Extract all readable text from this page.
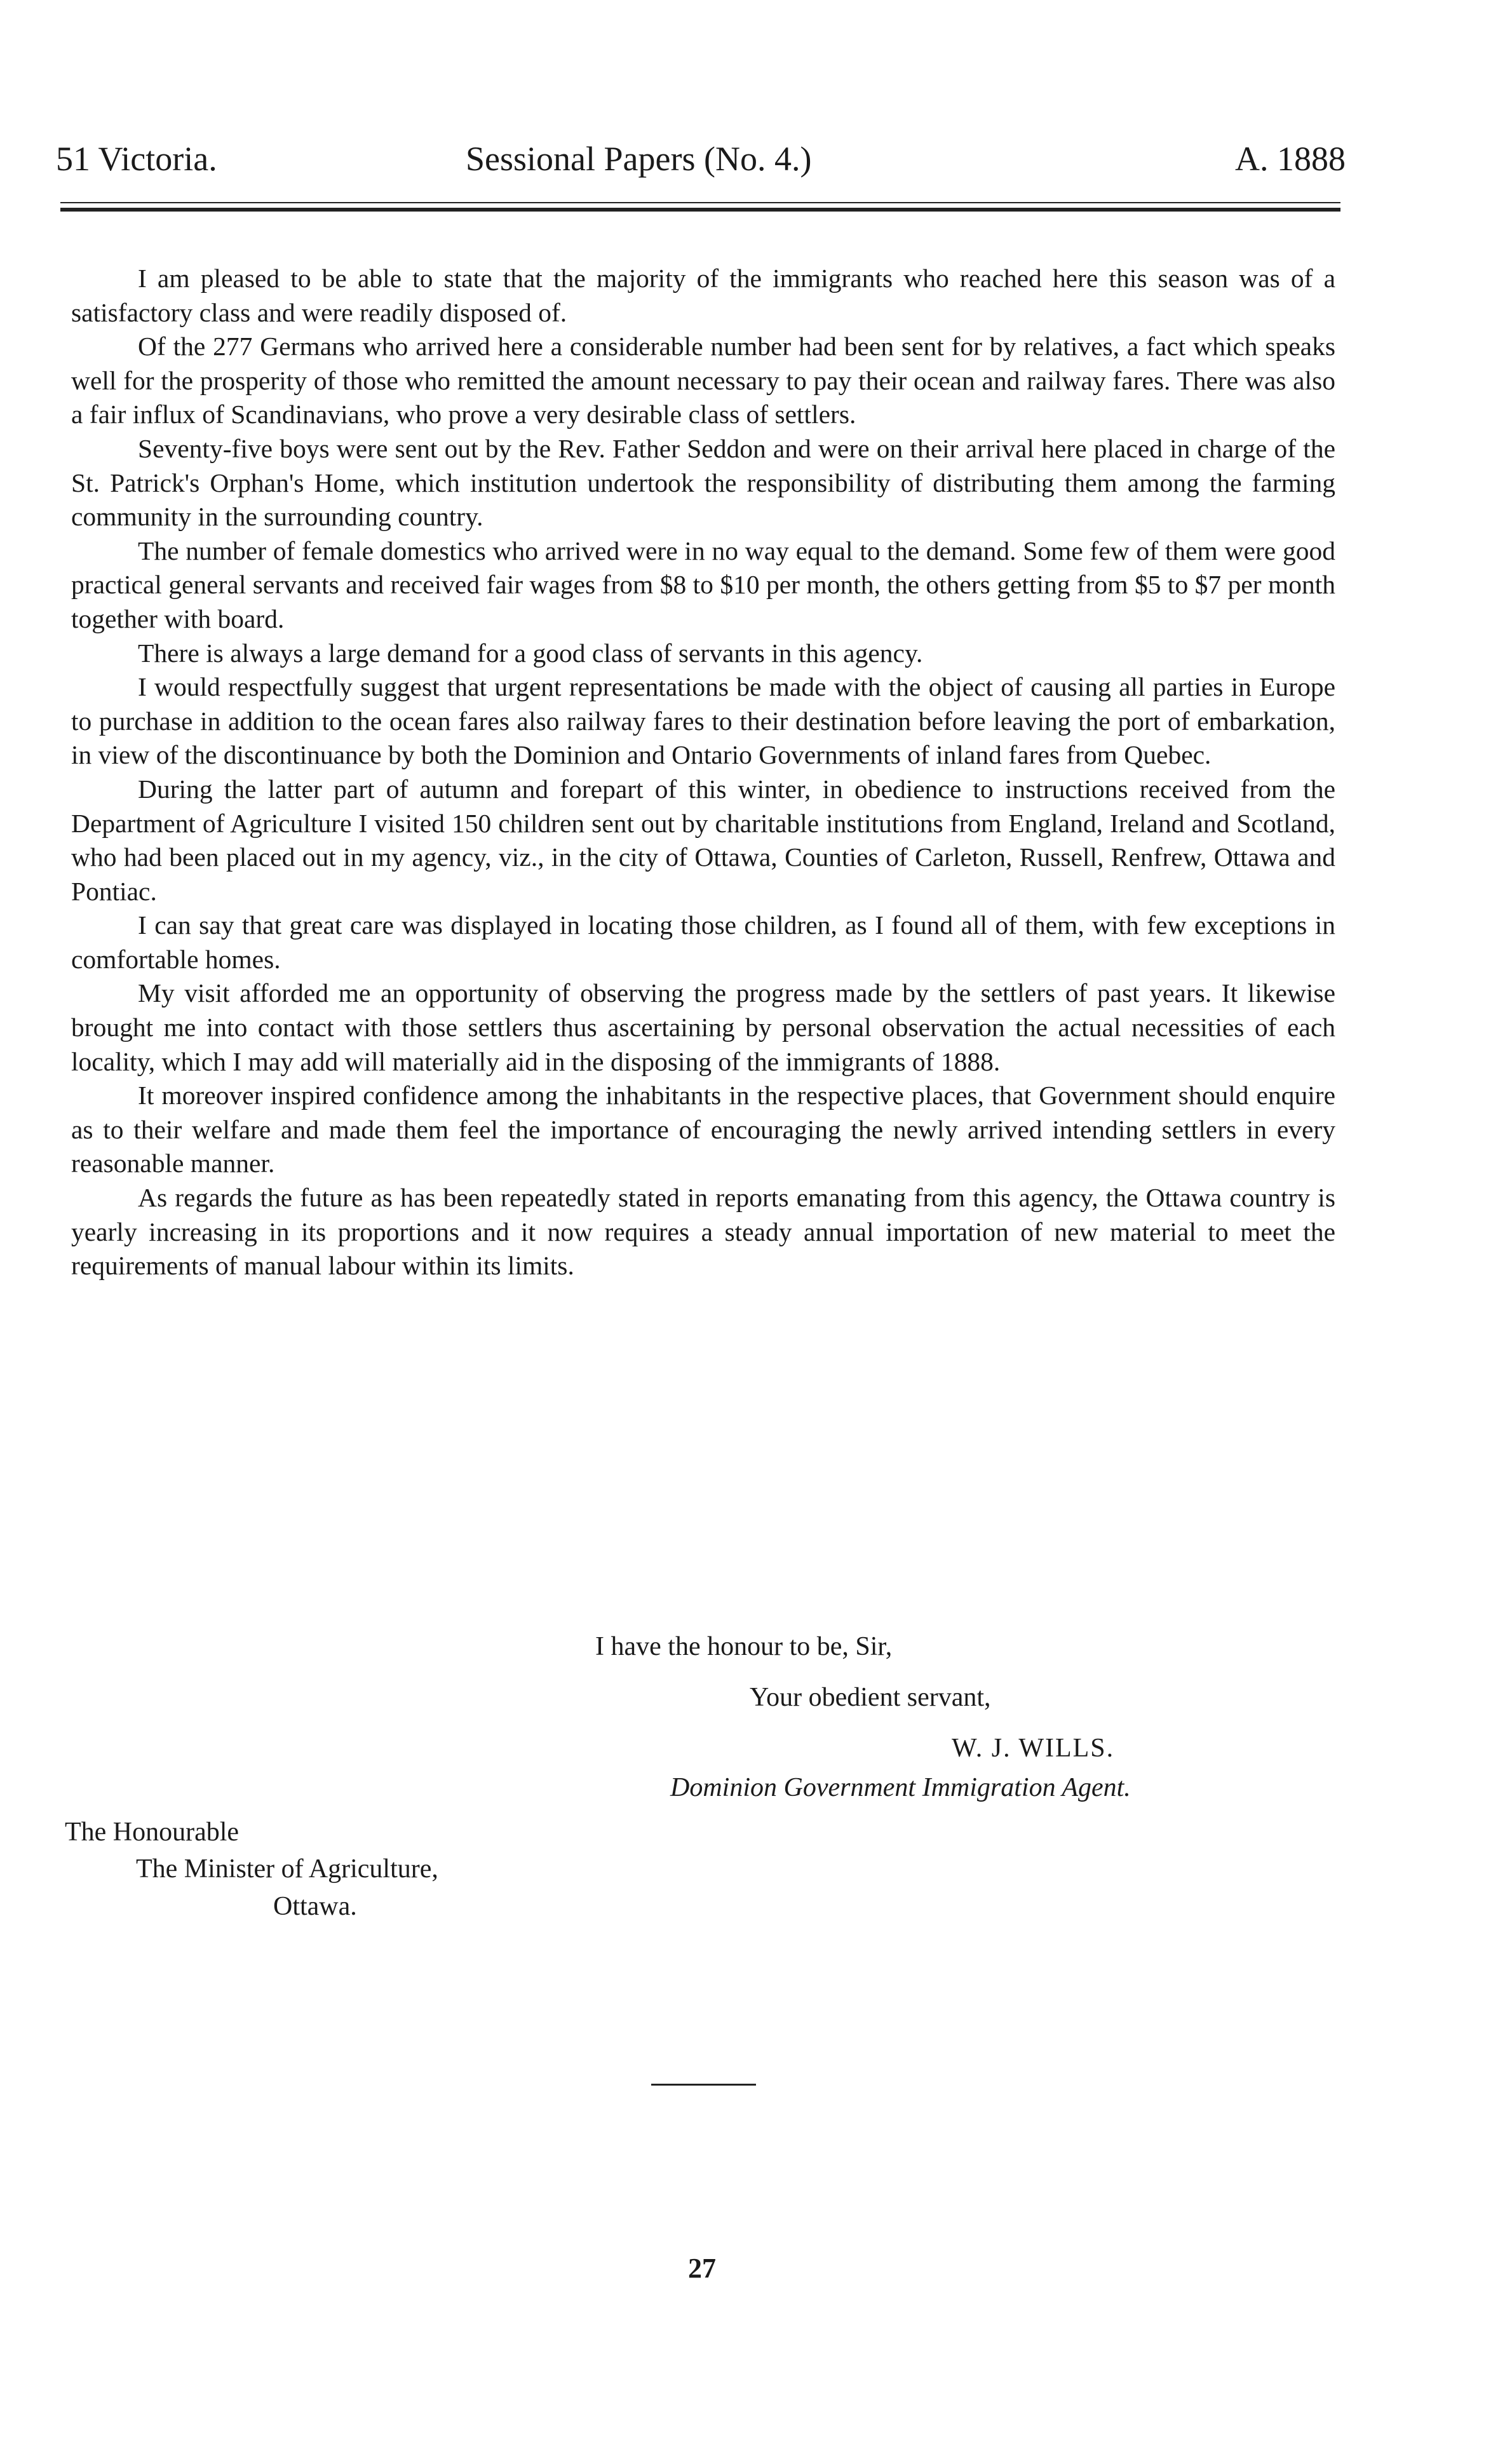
51 Victoria.	Sessional Papers (No. 4.)	A. 1888

I am pleased to be able to state that the majority of the immigrants who reached here this season was of a satisfactory class and were readily disposed of.

Of the 277 Germans who arrived here a considerable number had been sent for by relatives, a fact which speaks well for the prosperity of those who remitted the amount necessary to pay their ocean and railway fares. There was also a fair influx of Scandinavians, who prove a very desirable class of settlers.

Seventy-five boys were sent out by the Rev. Father Seddon and were on their arrival here placed in charge of the St. Patrick's Orphan's Home, which institution undertook the responsibility of distributing them among the farming community in the surrounding country.

The number of female domestics who arrived were in no way equal to the demand. Some few of them were good practical general servants and received fair wages from $8 to $10 per month, the others getting from $5 to $7 per month together with board.

There is always a large demand for a good class of servants in this agency.

I would respectfully suggest that urgent representations be made with the object of causing all parties in Europe to purchase in addition to the ocean fares also railway fares to their destination before leaving the port of embarkation, in view of the discontinuance by both the Dominion and Ontario Governments of inland fares from Quebec.

During the latter part of autumn and forepart of this winter, in obedience to instructions received from the Department of Agriculture I visited 150 children sent out by charitable institutions from England, Ireland and Scotland, who had been placed out in my agency, viz., in the city of Ottawa, Counties of Carleton, Russell, Renfrew, Ottawa and Pontiac.

I can say that great care was displayed in locating those children, as I found all of them, with few exceptions in comfortable homes.

My visit afforded me an opportunity of observing the progress made by the settlers of past years. It likewise brought me into contact with those settlers thus ascertaining by personal observation the actual necessities of each locality, which I may add will materially aid in the disposing of the immigrants of 1888.

It moreover inspired confidence among the inhabitants in the respective places, that Government should enquire as to their welfare and made them feel the importance of encouraging the newly arrived intending settlers in every reasonable manner.

As regards the future as has been repeatedly stated in reports emanating from this agency, the Ottawa country is yearly increasing in its proportions and it now requires a steady annual importation of new material to meet the requirements of manual labour within its limits.

I have the honour to be, Sir,
Your obedient servant,
W. J. WILLS.
Dominion Government Immigration Agent.
The Honourable
The Minister of Agriculture,
Ottawa.
27
